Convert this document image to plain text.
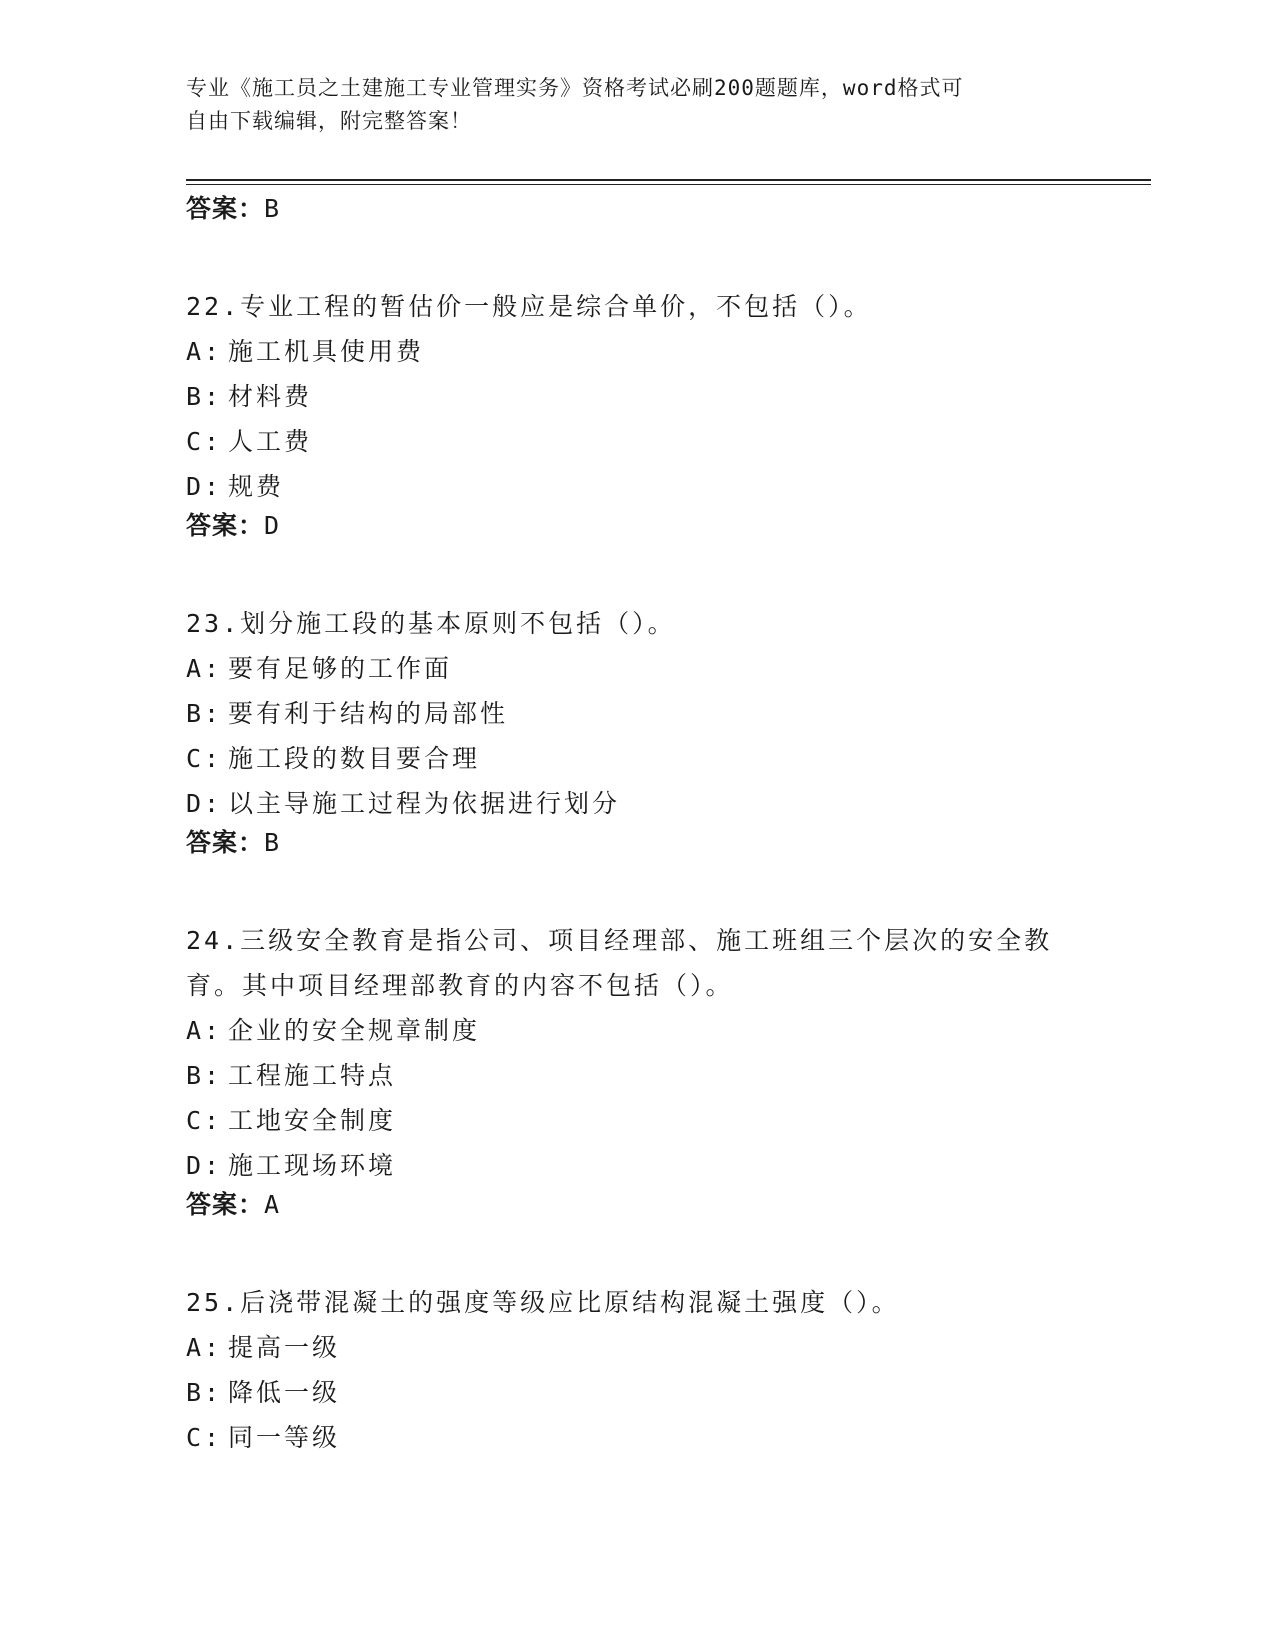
专业《施工员之土建施工专业管理实务》资格考试必刷200题题库，word格式可
自由下载编辑，附完整答案！
答案：B

22.专业工程的暂估价一般应是综合单价，不包括（）。

A: 施工机具使用费

B: 材料费

C: 人工费

D: 规费

答案：D

23.划分施工段的基本原则不包括（）。

A: 要有足够的工作面

B: 要有利于结构的局部性

C: 施工段的数目要合理

D: 以主导施工过程为依据进行划分

答案：B

24.三级安全教育是指公司、项目经理部、施工班组三个层次的安全教

育。其中项目经理部教育的内容不包括（）。

A: 企业的安全规章制度

B: 工程施工特点

C: 工地安全制度

D: 施工现场环境

答案：A

25.后浇带混凝土的强度等级应比原结构混凝土强度（）。

A: 提高一级

B: 降低一级

C: 同一等级
